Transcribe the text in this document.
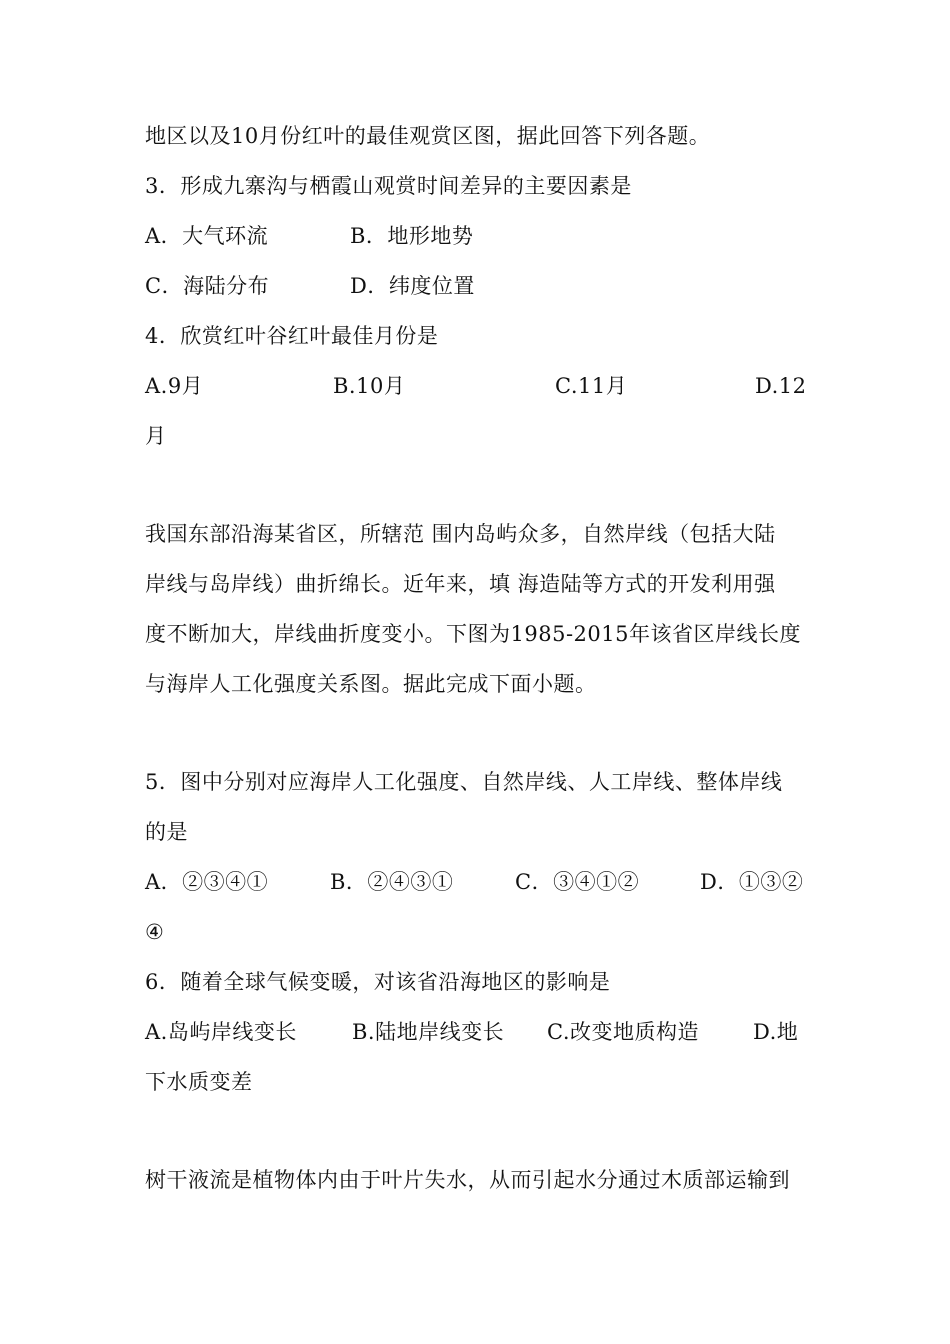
地区以及10月份红叶的最佳观赏区图，据此回答下列各题。
3．形成九寨沟与栖霞山观赏时间差异的主要因素是

A．大气环流

	B．地形地势

C．海陆分布

	D．纬度位置

4．欣赏红叶谷红叶最佳月份是

A.9月

	B.10月

	C.11月

	D.12

月
我国东部沿海某省区，所辖范 围内岛屿众多，自然岸线（包括大陆
岸线与岛岸线）曲折绵长。近年来，填 海造陆等方式的开发利用强
度不断加大，岸线曲折度变小。下图为1985-2015年该省区岸线长度
与海岸人工化强度关系图。据此完成下面小题。
5．图中分别对应海岸人工化强度、自然岸线、人工岸线、整体岸线
的是

A．②③④①

	B．②④③①

	C．③④①②

	D．①③②

④
6．随着全球气候变暖，对该省沿海地区的影响是

A.岛屿岸线变长

	B.陆地岸线变长

C.改变地质构造

	D.地

下水质变差
树干液流是植物体内由于叶片失水，从而引起水分通过木质部运输到
